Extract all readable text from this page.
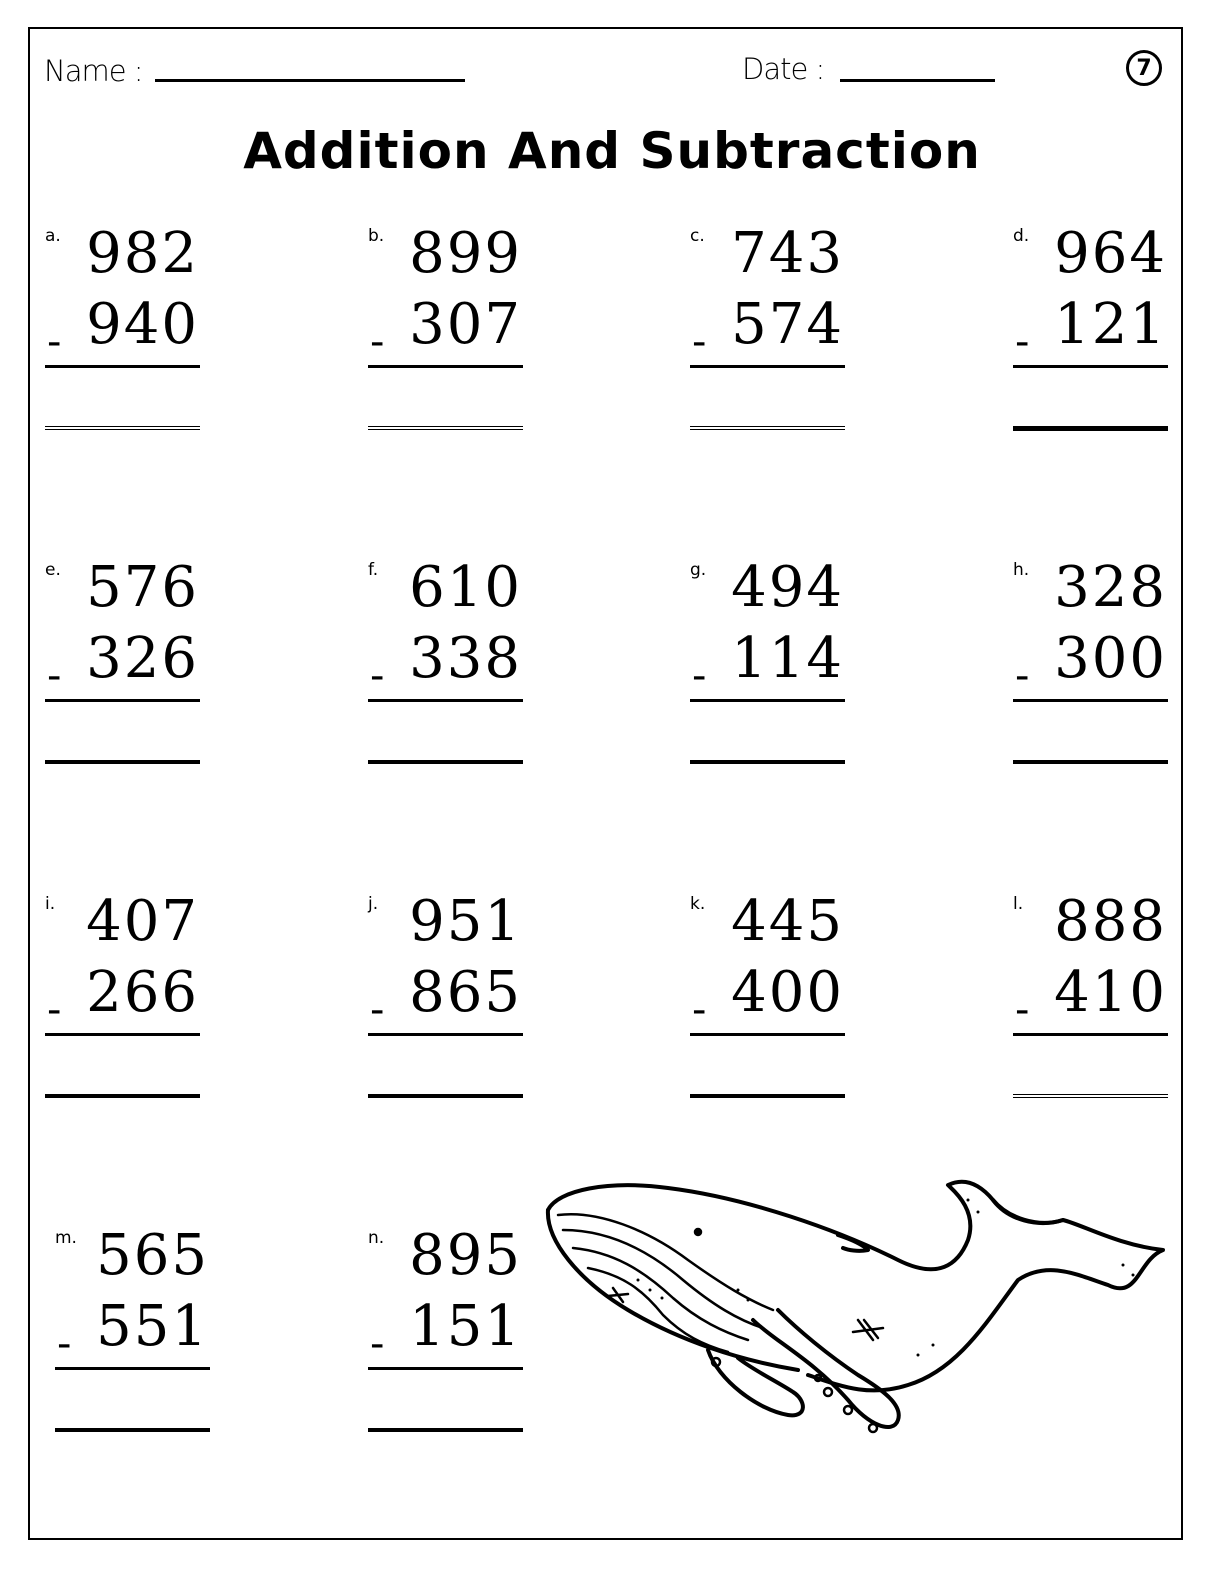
Name :	Date :	7
Addition And Subtraction
a. 982
- 940
b. 899
- 307
c. 743
- 574
d. 964
- 121
e. 576
- 326
f. 610
- 338
g. 494
- 114
h. 328
- 300
i. 407
- 266
j. 951
- 865
k. 445
- 400
l. 888
- 410
m. 565
- 551
n. 895
- 151
